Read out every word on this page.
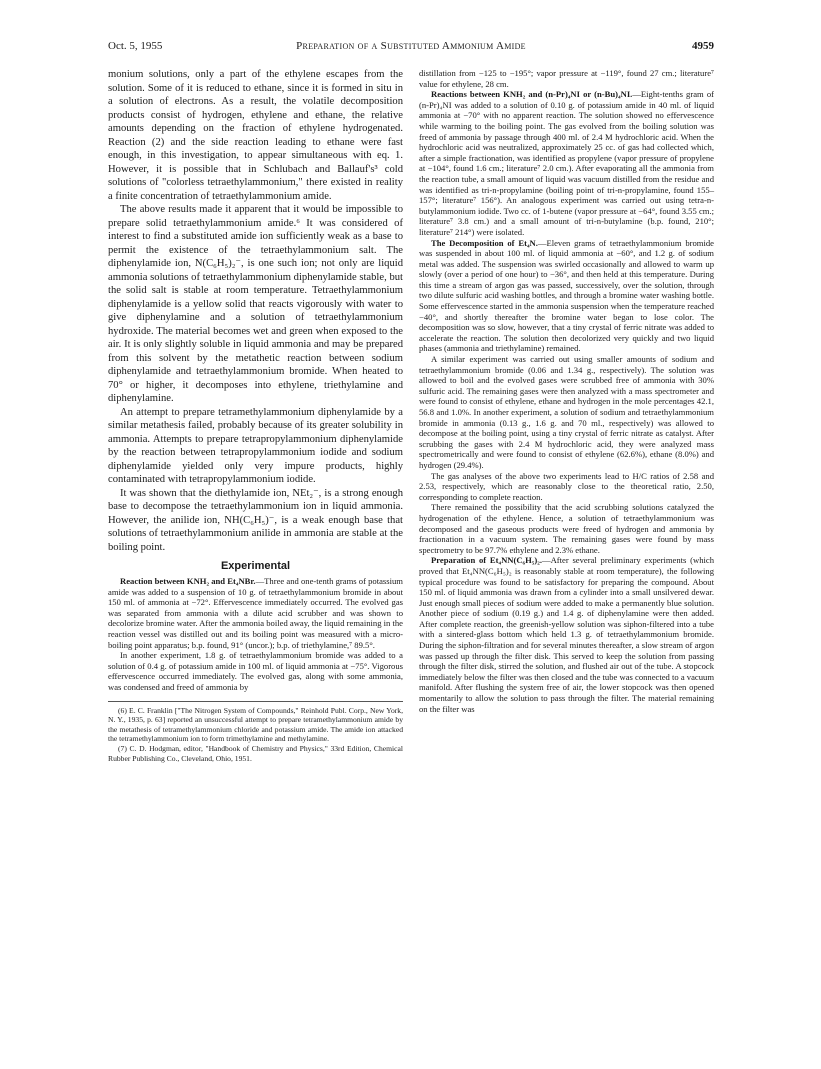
Oct. 5, 1955	Preparation of a Substituted Ammonium Amide	4959

monium solutions, only a part of the ethylene escapes from the solution. Some of it is reduced to ethane, since it is formed in situ in a solution of electrons. As a result, the volatile decomposition products consist of hydrogen, ethylene and ethane, the relative amounts depending on the fraction of ethylene hydrogenated. Reaction (2) and the side reaction leading to ethane were fast enough, in this investigation, to appear simultaneous with eq. 1. However, it is possible that in Schlubach and Ballauf's³ cold solutions of "colorless tetraethylammonium," there existed in reality a finite concentration of tetraethylammonium amide.

The above results made it apparent that it would be impossible to prepare solid tetraethylammonium amide.⁶ It was considered of interest to find a substituted amide ion sufficiently weak as a base to permit the existence of the tetraethylammonium salt. The diphenylamide ion, N(C₆H₅)₂⁻, is one such ion; not only are liquid ammonia solutions of tetraethylammonium diphenylamide stable, but the solid salt is stable at room temperature. Tetraethylammonium diphenylamide is a yellow solid that reacts vigorously with water to give diphenylamine and a solution of tetraethylammonium hydroxide. The material becomes wet and green when exposed to the air. It is only slightly soluble in liquid ammonia and may be prepared from this solvent by the metathetic reaction between sodium diphenylamide and tetraethylammonium bromide. When heated to 70° or higher, it decomposes into ethylene, triethylamine and diphenylamine.

An attempt to prepare tetramethylammonium diphenylamide by a similar metathesis failed, probably because of its greater solubility in ammonia. Attempts to prepare tetrapropylammonium diphenylamide by the reaction between tetrapropylammonium iodide and sodium diphenylamide yielded only very impure products, highly contaminated with tetrapropylammonium iodide.

It was shown that the diethylamide ion, NEt₂⁻, is a strong enough base to decompose the tetraethylammonium ion in liquid ammonia. However, the anilide ion, NH(C₆H₅)⁻, is a weak enough base that solutions of tetraethylammonium anilide in ammonia are stable at the boiling point.

Experimental

Reaction between KNH₂ and Et₄NBr.—Three and one-tenth grams of potassium amide was added to a suspension of 10 g. of tetraethylammonium bromide in about 150 ml. of ammonia at −72°. Effervescence immediately occurred. The evolved gas was separated from ammonia with a dilute acid scrubber and was shown to decolorize bromine water. After the ammonia boiled away, the liquid remaining in the reaction vessel was distilled out and its boiling point was measured with a micro-boiling point apparatus; b.p. found, 91° (uncor.); b.p. of triethylamine,⁷ 89.5°.

In another experiment, 1.8 g. of tetraethylammonium bromide was added to a solution of 0.4 g. of potassium amide in 100 ml. of liquid ammonia at −75°. Vigorous effervescence occurred immediately. The evolved gas, along with some ammonia, was condensed and freed of ammonia by

(6) E. C. Franklin ["The Nitrogen System of Compounds," Reinhold Publ. Corp., New York, N. Y., 1935, p. 63] reported an unsuccessful attempt to prepare tetramethylammonium amide by the metathesis of tetramethylammonium chloride and potassium amide. The amide ion attacked the tetramethylammonium ion to form trimethylamine and methylamine.

(7) C. D. Hodgman, editor, "Handbook of Chemistry and Physics," 33rd Edition, Chemical Rubber Publishing Co., Cleveland, Ohio, 1951.

distillation from −125 to −195°; vapor pressure at −119°, found 27 cm.; literature⁷ value for ethylene, 28 cm.

Reactions between KNH₂ and (n-Pr)₄NI or (n-Bu)₄NI.—Eight-tenths gram of (n-Pr)₄NI was added to a solution of 0.10 g. of potassium amide in 40 ml. of liquid ammonia at −70° with no apparent reaction. The solution showed no effervescence while warming to the boiling point. The gas evolved from the boiling solution was freed of ammonia by passage through 400 ml. of 2.4 M hydrochloric acid. When the hydrochloric acid was neutralized, approximately 25 cc. of gas had collected which, after a simple fractionation, was identified as propylene (vapor pressure of propylene at −104°, found 1.6 cm.; literature⁷ 2.0 cm.). After evaporating all the ammonia from the reaction tube, a small amount of liquid was vacuum distilled from the residue and was identified as tri-n-propylamine (boiling point of tri-n-propylamine, found 155–157°; literature⁷ 156°). An analogous experiment was carried out using tetra-n-butylammonium iodide. Two cc. of 1-butene (vapor pressure at −64°, found 3.55 cm.; literature⁷ 3.8 cm.) and a small amount of tri-n-butylamine (b.p. found, 210°; literature⁷ 214°) were isolated.

The Decomposition of Et₄N.—Eleven grams of tetraethylammonium bromide was suspended in about 100 ml. of liquid ammonia at −60°, and 1.2 g. of sodium metal was added. The suspension was swirled occasionally and allowed to warm up slowly (over a period of one hour) to −36°, and then held at this temperature. During this time a stream of argon gas was passed, successively, over the solution, through two dilute sulfuric acid washing bottles, and through a bromine water washing bottle. Some effervescence started in the ammonia suspension when the temperature reached −40°, and shortly thereafter the bromine water began to lose color. The decomposition was so slow, however, that a tiny crystal of ferric nitrate was added to accelerate the reaction. The solution then decolorized very quickly and two liquid phases (ammonia and triethylamine) remained.

A similar experiment was carried out using smaller amounts of sodium and tetraethylammonium bromide (0.06 and 1.34 g., respectively). The solution was allowed to boil and the evolved gases were scrubbed free of ammonia with 30% sulfuric acid. The remaining gases were then analyzed with a mass spectrometer and were found to consist of ethylene, ethane and hydrogen in the mole percentages 42.1, 56.8 and 1.0%. In another experiment, a solution of sodium and tetraethylammonium bromide in ammonia (0.13 g., 1.6 g. and 70 ml., respectively) was allowed to decompose at the boiling point, using a tiny crystal of ferric nitrate as catalyst. After scrubbing the gases with 2.4 M hydrochloric acid, they were analyzed mass spectrometrically and were found to consist of ethylene (62.6%), ethane (8.0%) and hydrogen (29.4%).

The gas analyses of the above two experiments lead to H/C ratios of 2.58 and 2.53, respectively, which are reasonably close to the theoretical ratio, 2.50, corresponding to complete reaction.

There remained the possibility that the acid scrubbing solutions catalyzed the hydrogenation of the ethylene. Hence, a solution of tetraethylammonium was decomposed and the gaseous products were freed of hydrogen and ammonia by fractionation in a vacuum system. The remaining gases were found by mass spectrometry to be 97.7% ethylene and 2.3% ethane.

Preparation of Et₄NN(C₆H₅)₂.—After several preliminary experiments (which proved that Et₄NN(C₆H₅)₂ is reasonably stable at room temperature), the following typical procedure was found to be satisfactory for preparing the compound. About 150 ml. of liquid ammonia was drawn from a cylinder into a small unsilvered dewar. Just enough small pieces of sodium were added to make a permanently blue solution. Another piece of sodium (0.19 g.) and 1.4 g. of diphenylamine were then added. After complete reaction, the greenish-yellow solution was siphon-filtered into a tube with a sintered-glass bottom which held 1.3 g. of tetraethylammonium bromide. During the siphon-filtration and for several minutes thereafter, a slow stream of argon was passed up through the filter disk. This served to keep the solution from passing through the filter disk, stirred the solution, and flushed air out of the tube. A stopcock immediately below the filter was then closed and the tube was connected to a vacuum manifold. After flushing the system free of air, the lower stopcock was then opened momentarily to allow the solution to pass through the filter. The material remaining on the filter was
